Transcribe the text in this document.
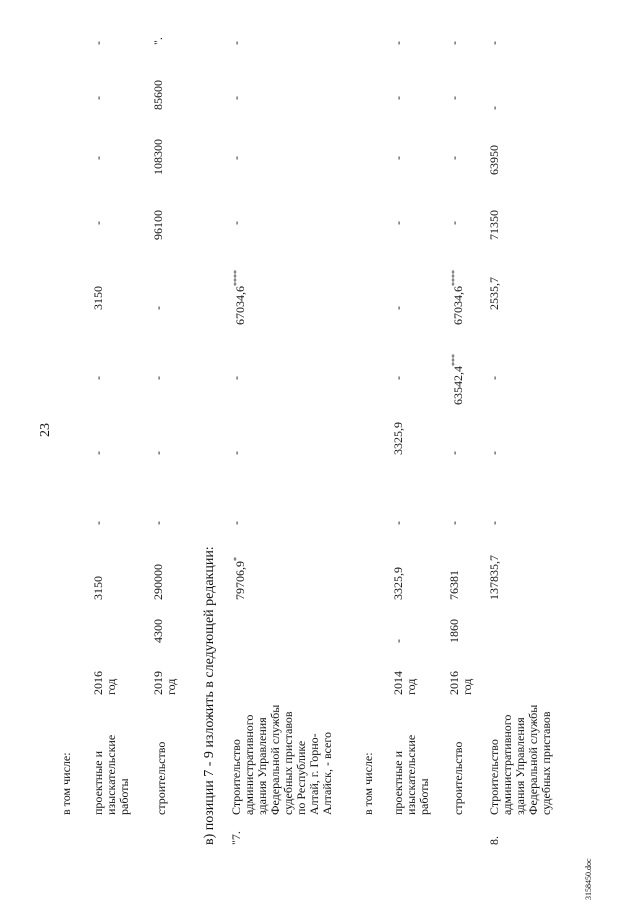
23
в том числе: проектные и
изыскательские
работы
2016
год
3150
-
-
-
3150
-
-
-
-
строительство
2019
год
4300
290000
-
-
-
-
96100
108300
85600
".
в) позиции 7 - 9 изложить в следующей редакции: "7.
Строительство
административного
здания Управления
Федеральной службы
судебных приставов
по Республике
Алтай, г. Горно-
Алтайск, - всего
79706,9*
-
-
-
67034,6****
-
-
-
-
в том числе: проектные и
изыскательские
работы
2014
год
-
3325,9
-
3325,9
-
-
-
-
-
-
строительство
2016
год
1860
76381
-
-
63542,4***
67034,6****
-
-
-
-
8.
Строительство
административного
здания Управления
Федеральной службы
судебных приставов
137835,7
-
-
-
2535,7
71350
63950
-
-
3158450.doc
